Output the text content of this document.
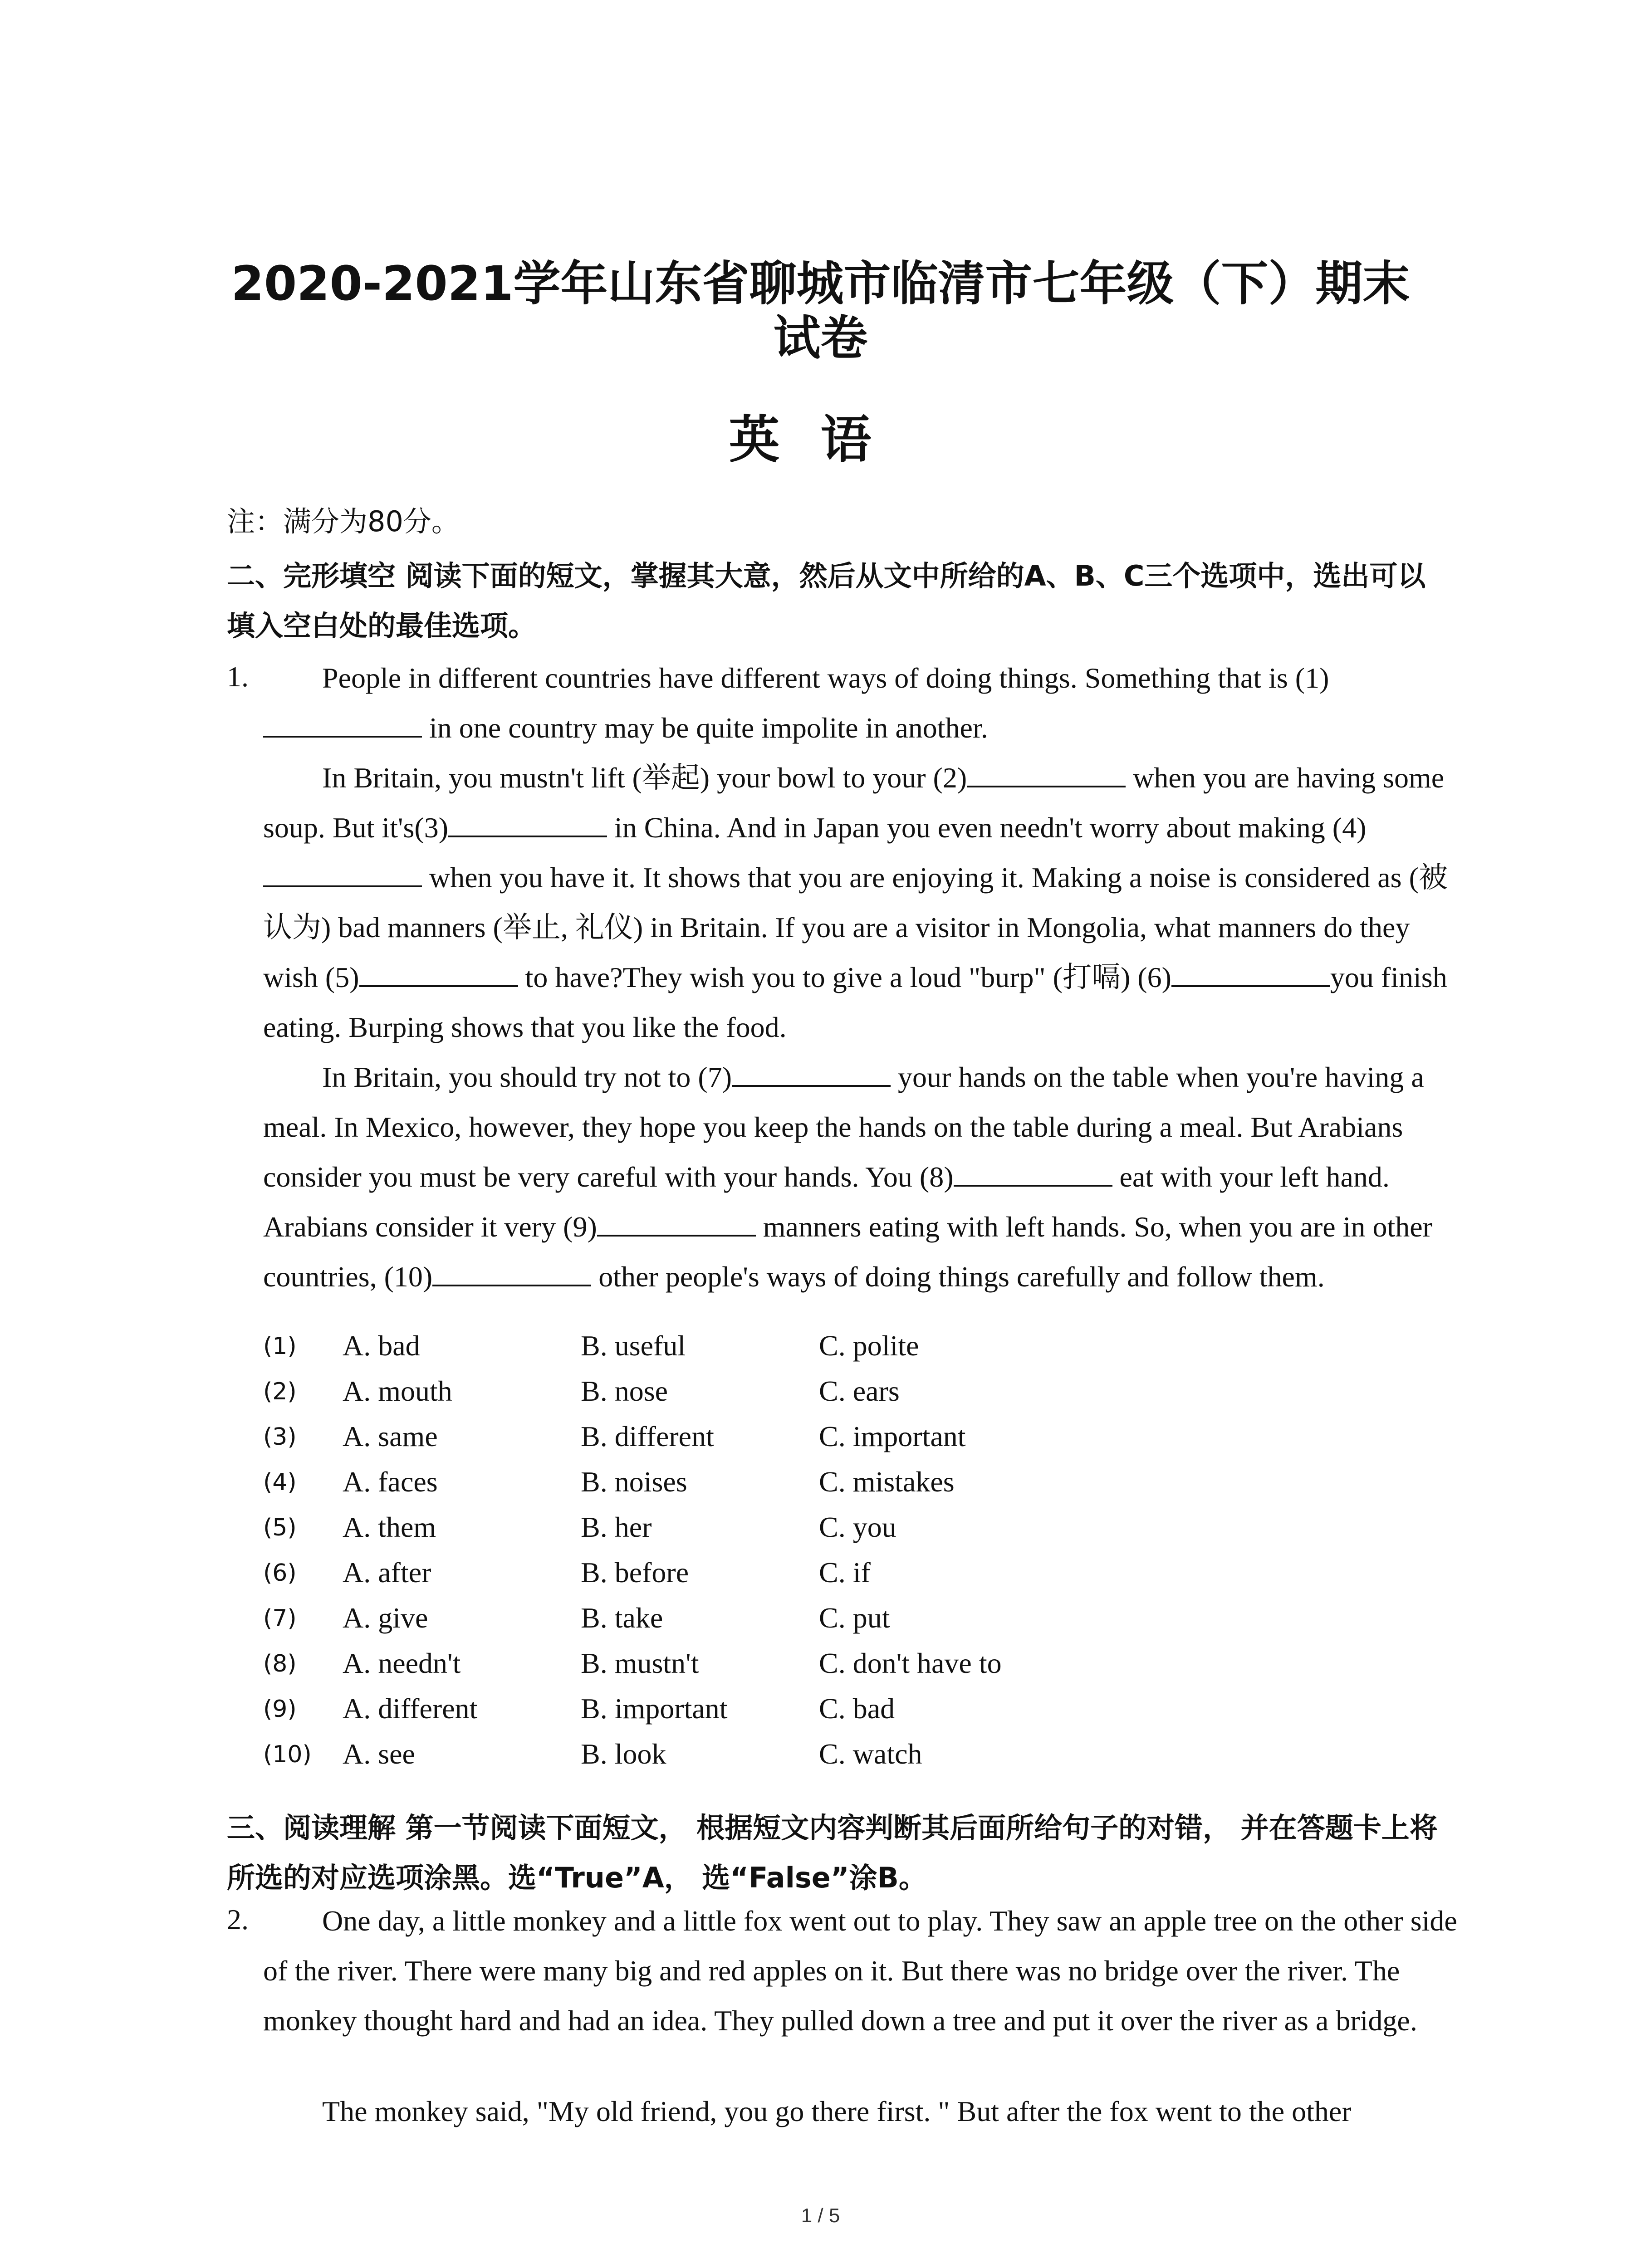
2020-2021学年山东省聊城市临清市七年级（下）期末
试卷
英语
注：满分为80分。
二、完形填空 阅读下面的短文，掌握其大意，然后从文中所给的A、B、C三个选项中，选出可以填入空白处的最佳选项。
1.	People in different countries have different ways of doing things. Something that is (1) in one country may be quite impolite in another.

In Britain, you mustn't lift (举起) your bowl to your (2)	when you are having some soup. But it's(3)	in China. And in Japan you even needn't worry about making (4) when you have it. It shows that you are enjoying it. Making a noise is considered as (被认为) bad manners (举止, 礼仪) in Britain. If you are a visitor in Mongolia, what manners do they wish (5)	to have?They wish you to give a loud "burp" (打嗝) (6)	you finish eating. Burping shows that you like the food.

In Britain, you should try not to (7)	your hands on the table when you're having a meal. In Mexico, however, they hope you keep the hands on the table during a meal. But Arabians consider you must be very careful with your hands. You (8)	eat with your left hand. Arabians consider it very (9)	manners eating with left hands. So, when you are in other countries, (10)	other people's ways of doing things carefully and follow them.

(1) A. bad	B. useful	C. polite
(2) A. mouth	B. nose	C. ears
(3) A. same	B. different	C. important
(4) A. faces	B. noises	C. mistakes
(5) A. them	B. her	C. you
(6) A. after	B. before	C. if
(7) A. give	B. take	C. put
(8) A. needn't	B. mustn't	C. don't have to
(9) A. different	B. important	C. bad
(10) A. see	B. look	C. watch
三、阅读理解 第一节阅读下面短文， 根据短文内容判断其后面所给句子的对错， 并在答题卡上将所选的对应选项涂黑。选“True”A， 选“False”涂B。
2.	One day, a little monkey and a little fox went out to play. They saw an apple tree on the other side of the river. There were many big and red apples on it. But there was no bridge over the river. The monkey thought hard and had an idea. They pulled down a tree and put it over the river as a bridge.

The monkey said, "My old friend, you go there first. " But after the fox went to the other

1 / 5
